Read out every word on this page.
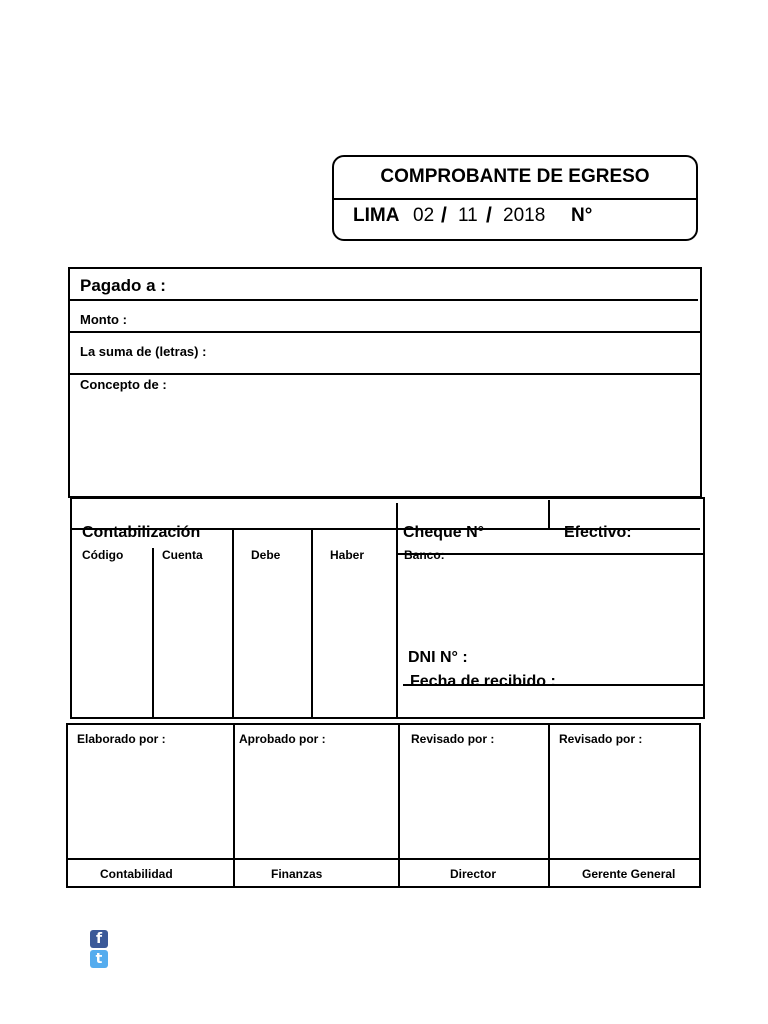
COMPROBANTE DE EGRESO
LIMA 02 / 11 / 2018 N°
Pagado a :
Monto :
La suma de (letras) :
Concepto de :
Contabilización
Código	Cuenta	Debe	Haber
Cheque N°	Efectivo:
Banco:
DNI N° :
Fecha de recibido :
Elaborado por :	Aprobado por :	Revisado por :	Revisado por :
Contabilidad	Finanzas	Director	Gerente General
f
t
